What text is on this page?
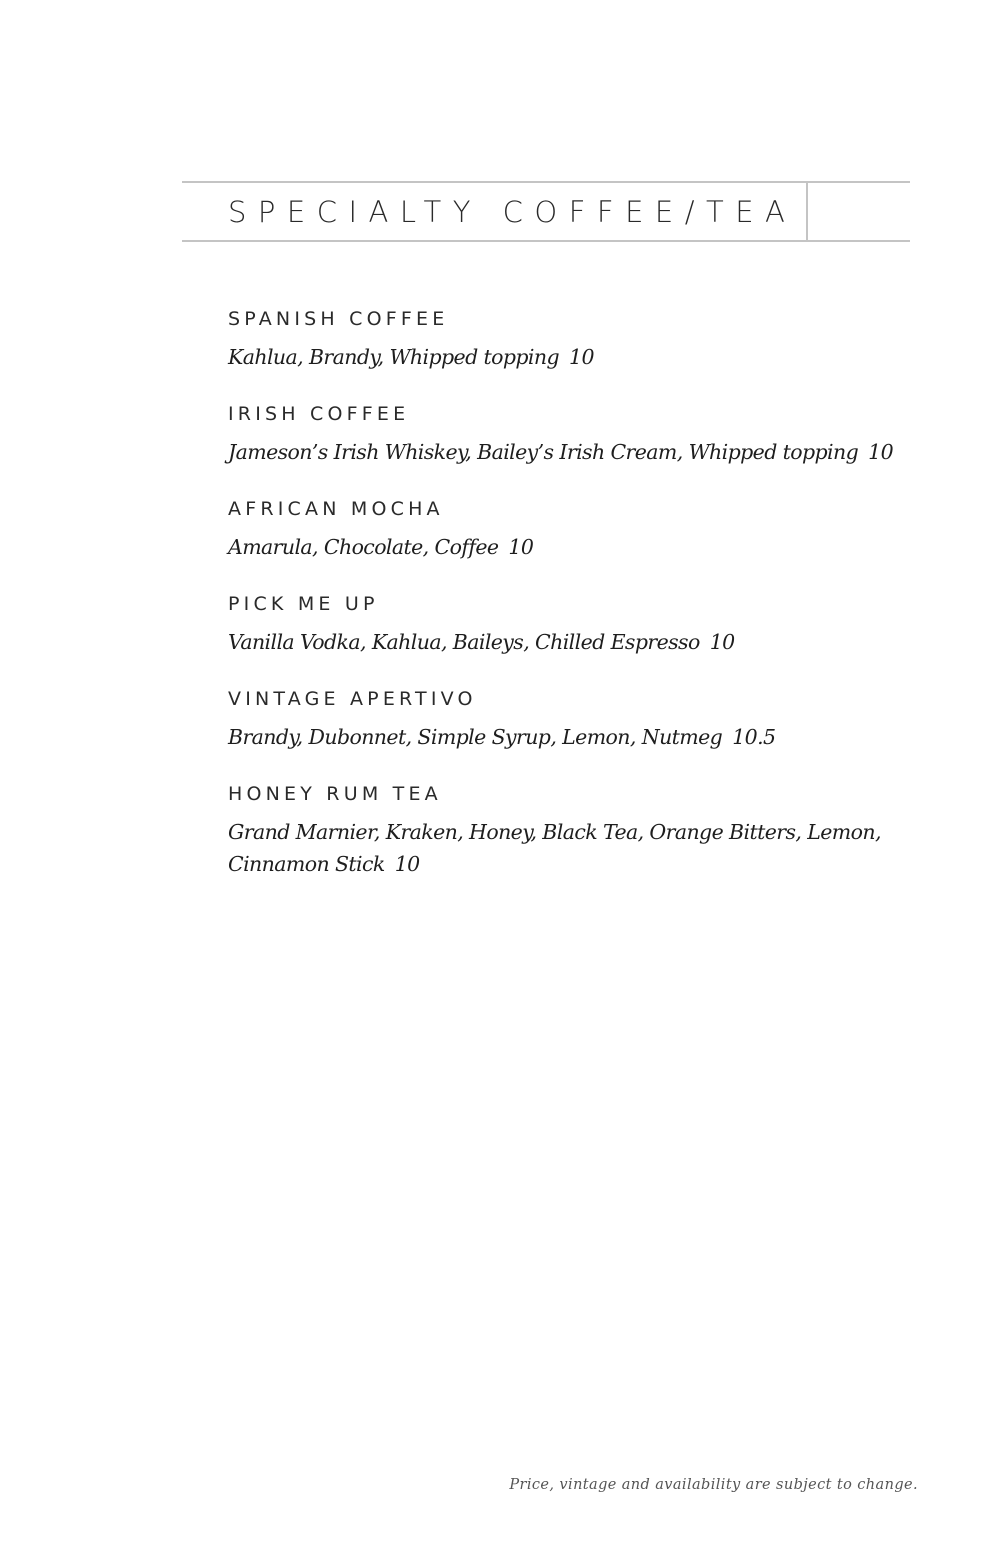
SPECIALTY COFFEE/TEA

SPANISH COFFEE

Kahlua, Brandy, Whipped topping 10

IRISH COFFEE

Jameson’s Irish Whiskey, Bailey’s Irish Cream, Whipped topping 10

AFRICAN MOCHA

Amarula, Chocolate, Coffee 10

PICK ME UP

Vanilla Vodka, Kahlua, Baileys, Chilled Espresso 10

VINTAGE APERTIVO

Brandy, Dubonnet, Simple Syrup, Lemon, Nutmeg 10.5

HONEY RUM TEA

Grand Marnier, Kraken, Honey, Black Tea, Orange Bitters, Lemon, Cinnamon Stick 10

Price, vintage and availability are subject to change.
